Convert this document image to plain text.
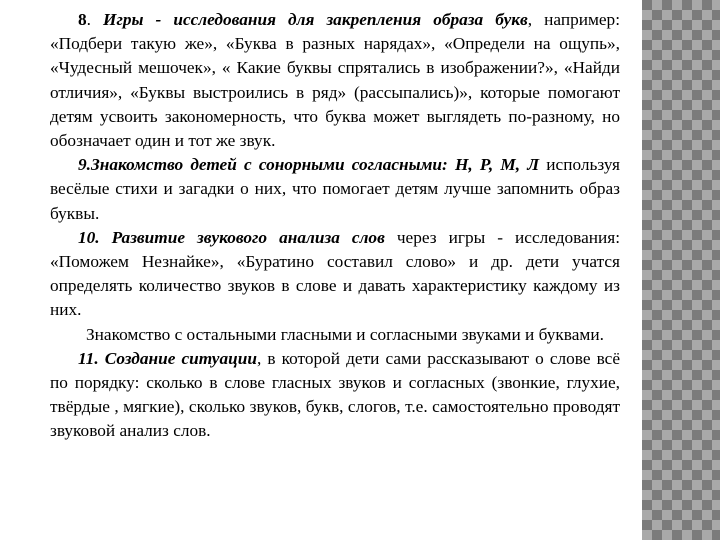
8. Игры - исследования для закрепления образа букв, например: «Подбери такую же», «Буква в разных нарядах», «Определи на ощупь», «Чудесный мешочек», « Какие буквы спрятались в изображении?», «Найди отличия», «Буквы выстроились в ряд» (рассыпались)», которые помогают детям усвоить закономерность, что буква может выглядеть по-разному, но обозначает один и тот же звук.

9.Знакомство детей с сонорными согласными: Н, Р, М, Л используя весёлые стихи и загадки о них, что помогает детям лучше запомнить образ буквы.

10. Развитие звукового анализа слов через игры - исследования: «Поможем Незнайке», «Буратино составил слово» и др. дети учатся определять количество звуков в слове и давать характеристику каждому из них.

Знакомство с остальными гласными и согласными звуками и буквами.

11. Создание ситуации, в которой дети сами рассказывают о слове всё по порядку: сколько в слове гласных звуков и согласных (звонкие, глухие, твёрдые , мягкие), сколько звуков, букв, слогов, т.е. самостоятельно проводят звуковой анализ слов.
